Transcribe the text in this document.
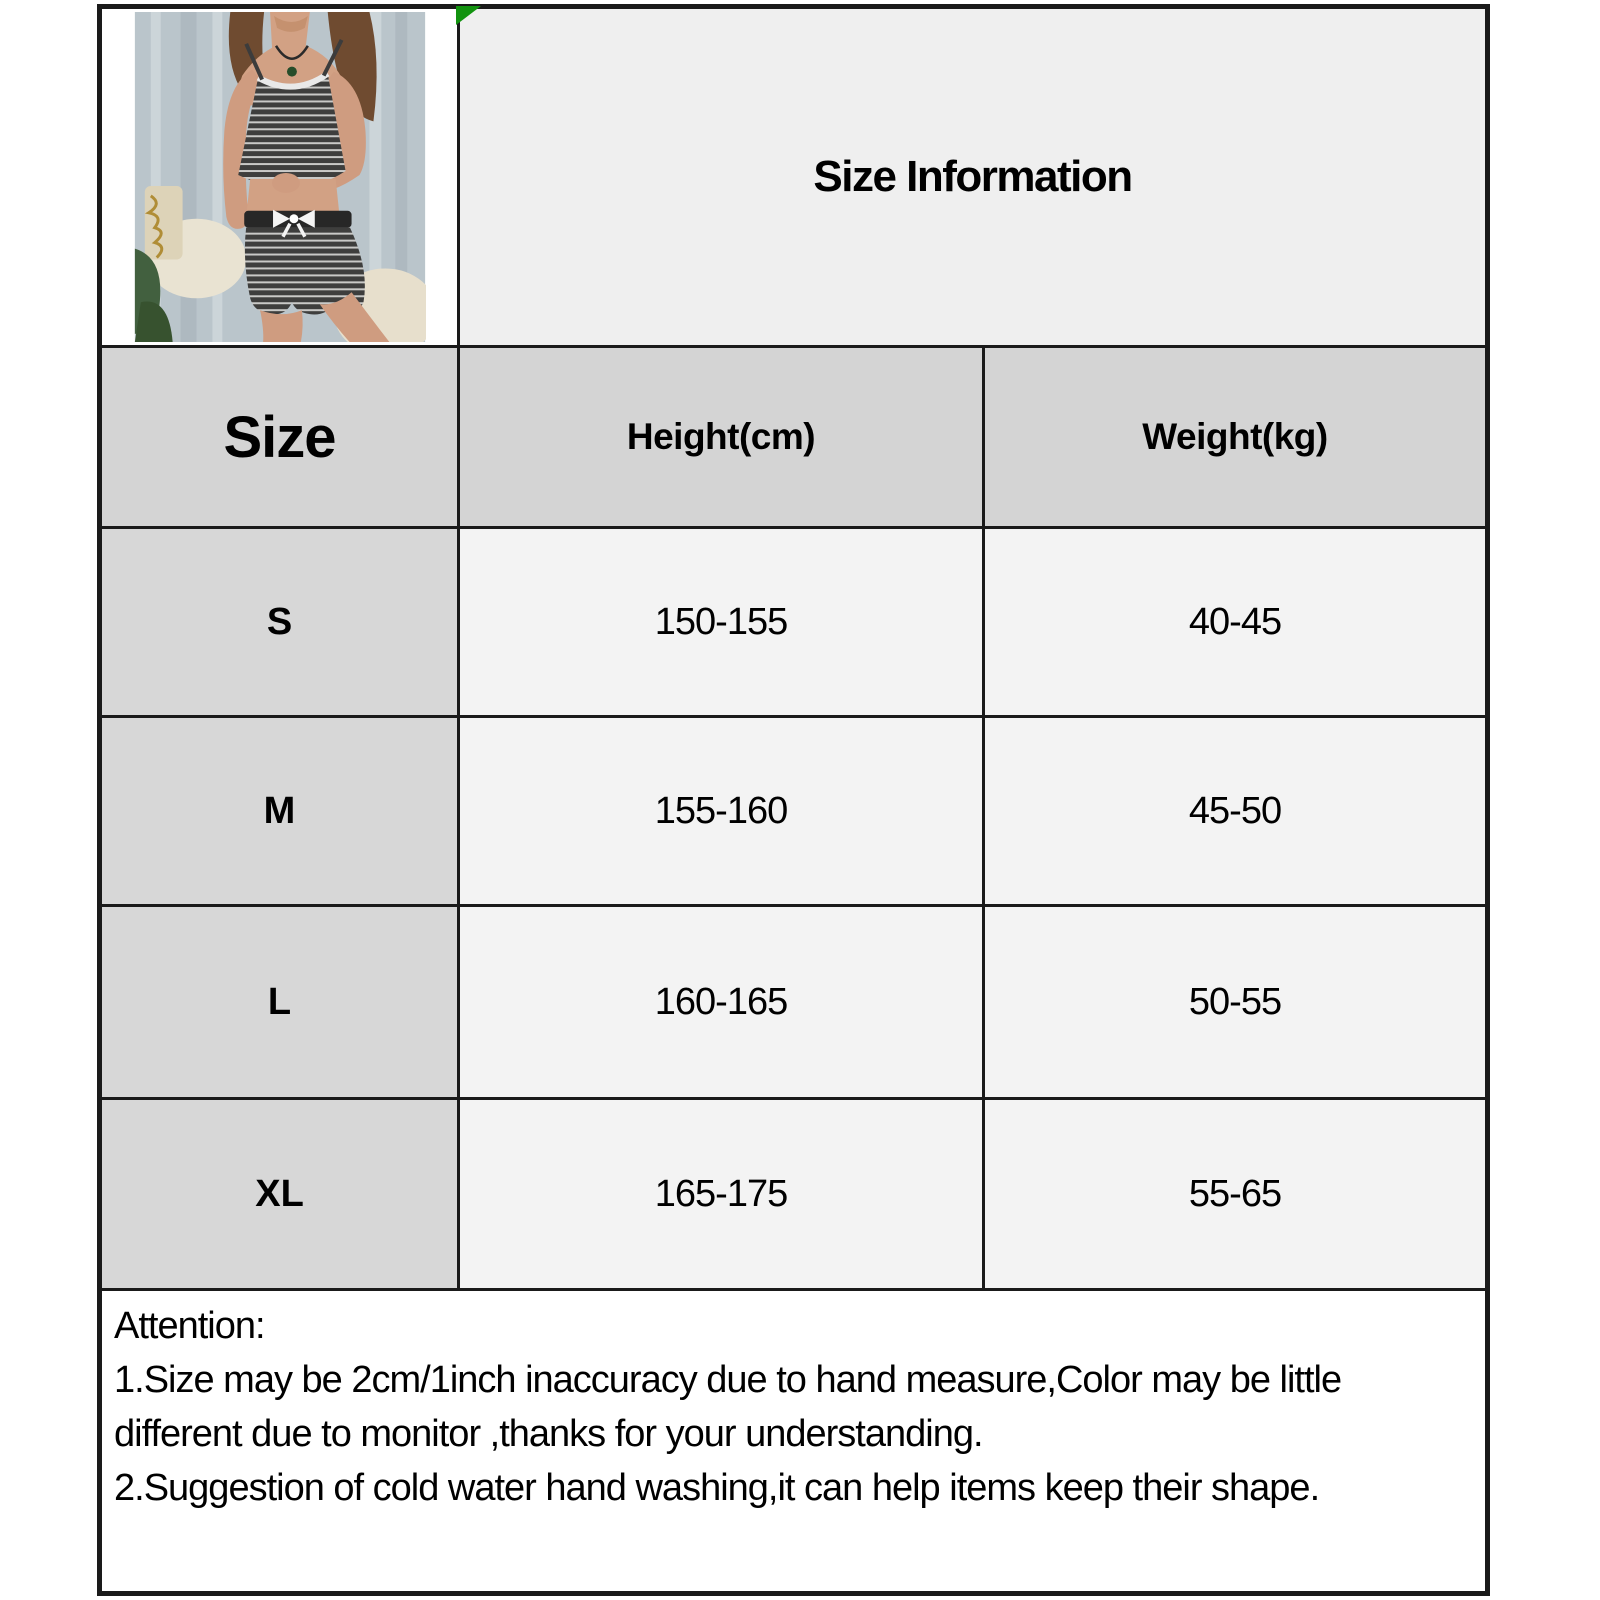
Size Information	
Size	Height(cm)	Weight(kg)
S	150-155	40-45
M	155-160	45-50
L	160-165	50-55
XL	165-175	55-65

Attention:
1.Size may be 2cm/1inch inaccuracy due to hand measure,Color may be little
different due to monitor ,thanks for your understanding.
2.Suggestion of cold water hand washing,it can help items keep their shape.		
